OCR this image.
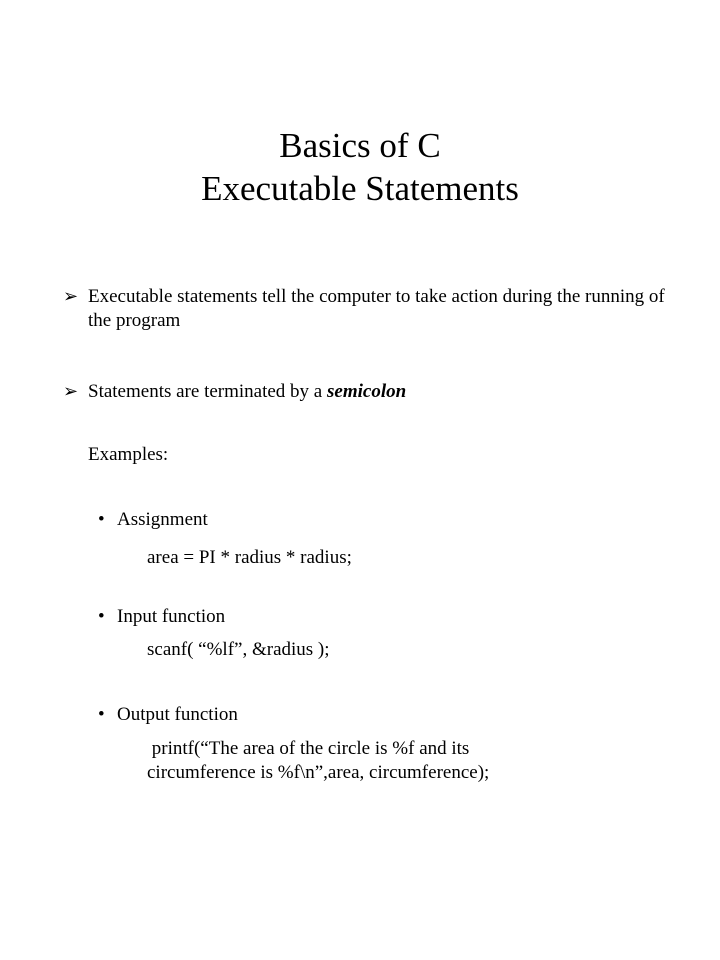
Basics of C
Executable Statements
➢ Executable statements tell the computer to take action during the running of the program
➢ Statements are terminated by a semicolon
Examples:
• Assignment
area = PI * radius * radius;
• Input function
scanf( “%lf”, &radius );
• Output function
printf(“The area of the circle is %f and its
circumference is %f\n”,area, circumference);
